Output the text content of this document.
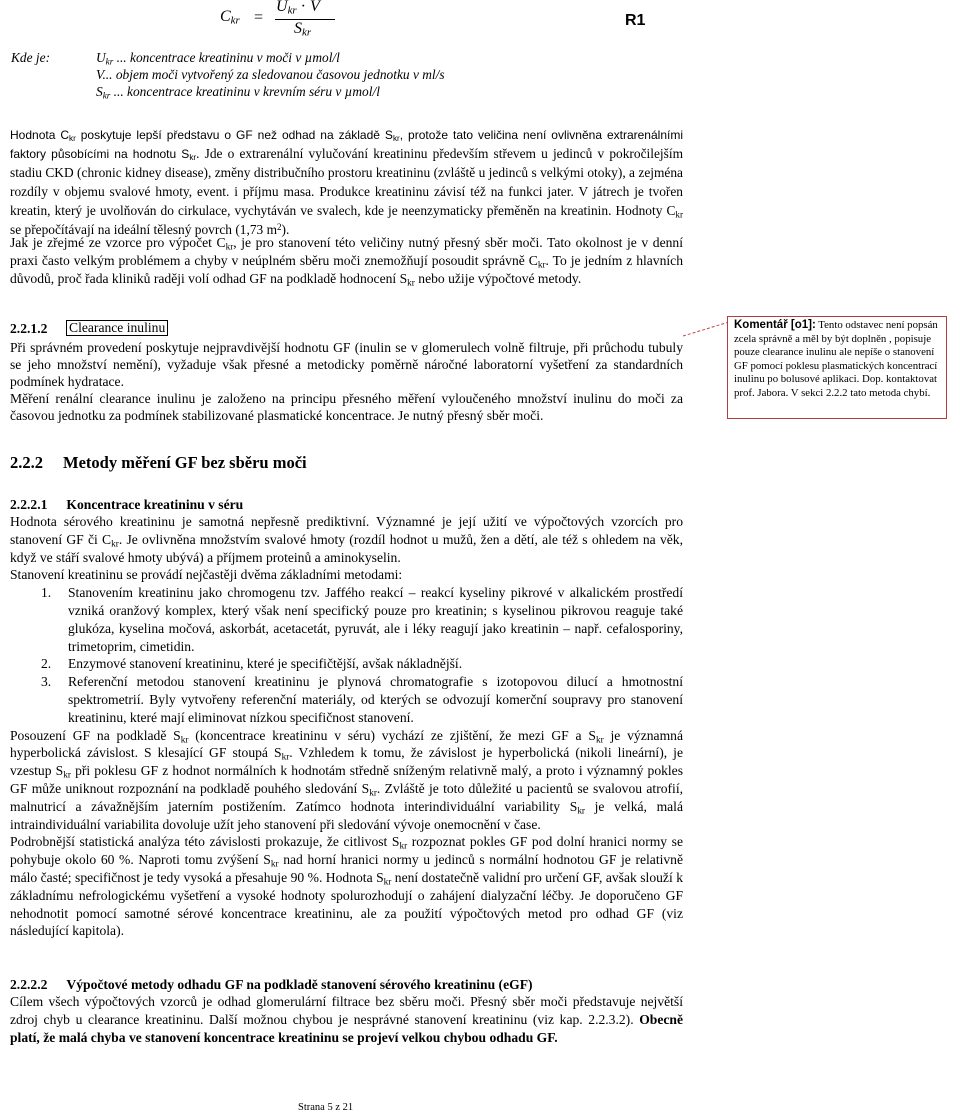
$C_{kr}$ =
$U_{kr} \cdot V$
$S_{kr}$
R1
Kde je:	$U_{kr}$ ... koncentrace kreatininu v moči v µmol/l
V... objem moči vytvořený za sledovanou časovou jednotku v ml/s
$S_{kr}$ ... koncentrace kreatininu v krevním séru v µmol/l

Hodnota $C_{kr}$ poskytuje lepší představu o GF než odhad na základě $S_{kr}$, protože tato veličina není ovlivněna extrarenálními faktory působícími na hodnotu $S_{kr}$. Jde o extrarenální vylučování kreatininu především střevem u jedinců v pokročilejším stadiu CKD (chronic kidney disease), změny distribučního prostoru kreatininu (zvláště u jedinců s velkými otoky), a zejména rozdíly v objemu svalové hmoty, event. i příjmu masa. Produkce kreatininu závisí též na funkci jater. V játrech je tvořen kreatin, který je uvolňován do cirkulace, vychytáván ve svalech, kde je neenzymaticky přeměněn na kreatinin. Hodnoty $C_{kr}$ se přepočítávají na ideální tělesný povrch (1,73 $m^2$).

Jak je zřejmé ze vzorce pro výpočet $C_{kr}$, je pro stanovení této veličiny nutný přesný sběr moči. Tato okolnost je v denní praxi často velkým problémem a chyby v neúplném sběru moči znemožňují posoudit správně $C_{kr}$. To je jedním z hlavních důvodů, proč řada kliniků raději volí odhad GF na podkladě hodnocení $S_{kr}$ nebo užije výpočtové metody.

2.2.1.2 Clearance inulinu

Při správném provedení poskytuje nejpravdivější hodnotu GF (inulin se v glomerulech volně filtruje, při průchodu tubuly se jeho množství nemění), vyžaduje však přesné a metodicky poměrně náročné laboratorní vyšetření za standardních podmínek hydratace.

Měření renální clearance inulinu je založeno na principu přesného měření vyloučeného množství inulinu do moči za časovou jednotku za podmínek stabilizované plasmatické koncentrace. Je nutný přesný sběr moči.

Komentář [o1]: Tento odstavec není popsán zcela správně a měl by být doplněn , popisuje pouze clearance inulinu ale nepíše o stanovení GF pomocí poklesu plasmatických koncentrací inulinu po bolusové aplikaci. Dop. kontaktovat prof. Jabora. V sekci 2.2.2 tato metoda chybí.
2.2.2 Metody měření GF bez sběru moči
2.2.2.1 Koncentrace kreatininu v séru

Hodnota sérového kreatininu je samotná nepřesně prediktivní. Významné je její užití ve výpočtových vzorcích pro stanovení GF či $C_{kr}$. Je ovlivněna množstvím svalové hmoty (rozdíl hodnot u mužů, žen a dětí, ale též s ohledem na věk, když ve stáří svalové hmoty ubývá) a příjmem proteinů a aminokyselin.

Stanovení kreatininu se provádí nejčastěji dvěma základními metodami:

1. Stanovením kreatininu jako chromogenu tzv. Jaffého reakcí – reakcí kyseliny pikrové v alkalickém prostředí vzniká oranžový komplex, který však není specifický pouze pro kreatinin; s kyselinou pikrovou reaguje také glukóza, kyselina močová, askorbát, acetacetát, pyruvát, ale i léky reagují jako kreatinin – např. cefalosporiny, trimetoprim, cimetidin.
2. Enzymové stanovení kreatininu, které je specifičtější, avšak nákladnější.
3. Referenční metodou stanovení kreatininu je plynová chromatografie s izotopovou dilucí a hmotnostní spektrometrií. Byly vytvořeny referenční materiály, od kterých se odvozují komerční soupravy pro stanovení kreatininu, které mají eliminovat nízkou specifičnost stanovení.

Posouzení GF na podkladě $S_{kr}$ (koncentrace kreatininu v séru) vychází ze zjištění, že mezi GF a $S_{kr}$ je významná hyperbolická závislost. S klesající GF stoupá $S_{kr}$. Vzhledem k tomu, že závislost je hyperbolická (nikoli lineární), je vzestup $S_{kr}$ při poklesu GF z hodnot normálních k hodnotám středně sníženým relativně malý, a proto i významný pokles GF může uniknout rozpoznání na podkladě pouhého sledování $S_{kr}$. Zvláště je toto důležité u pacientů se svalovou atrofií, malnutricí a závažnějším jaterním postižením. Zatímco hodnota interindividuální variability $S_{kr}$ je velká, malá intraindividuální variabilita dovoluje užít jeho stanovení při sledování vývoje onemocnění v čase.

Podrobnější statistická analýza této závislosti prokazuje, že citlivost $S_{kr}$ rozpoznat pokles GF pod dolní hranici normy se pohybuje okolo 60 %. Naproti tomu zvýšení $S_{kr}$ nad horní hranici normy u jedinců s normální hodnotou GF je relativně málo časté; specifičnost je tedy vysoká a přesahuje 90 %. Hodnota $S_{kr}$ není dostatečně validní pro určení GF, avšak slouží k základnímu nefrologickému vyšetření a vysoké hodnoty spolurozhodují o zahájení dialyzační léčby. Je doporučeno GF nehodnotit pomocí samotné sérové koncentrace kreatininu, ale za použití výpočtových metod pro odhad GF (viz následující kapitola).

2.2.2.2 Výpočtové metody odhadu GF na podkladě stanovení sérového kreatininu (eGF)

Cílem všech výpočtových vzorců je odhad glomerulární filtrace bez sběru moči. Přesný sběr moči představuje největší zdroj chyb u clearance kreatininu. Další možnou chybou je nesprávné stanovení kreatininu (viz kap. 2.2.3.2). Obecně platí, že malá chyba ve stanovení koncentrace kreatininu se projeví velkou chybou odhadu GF.

Strana 5 z 21
